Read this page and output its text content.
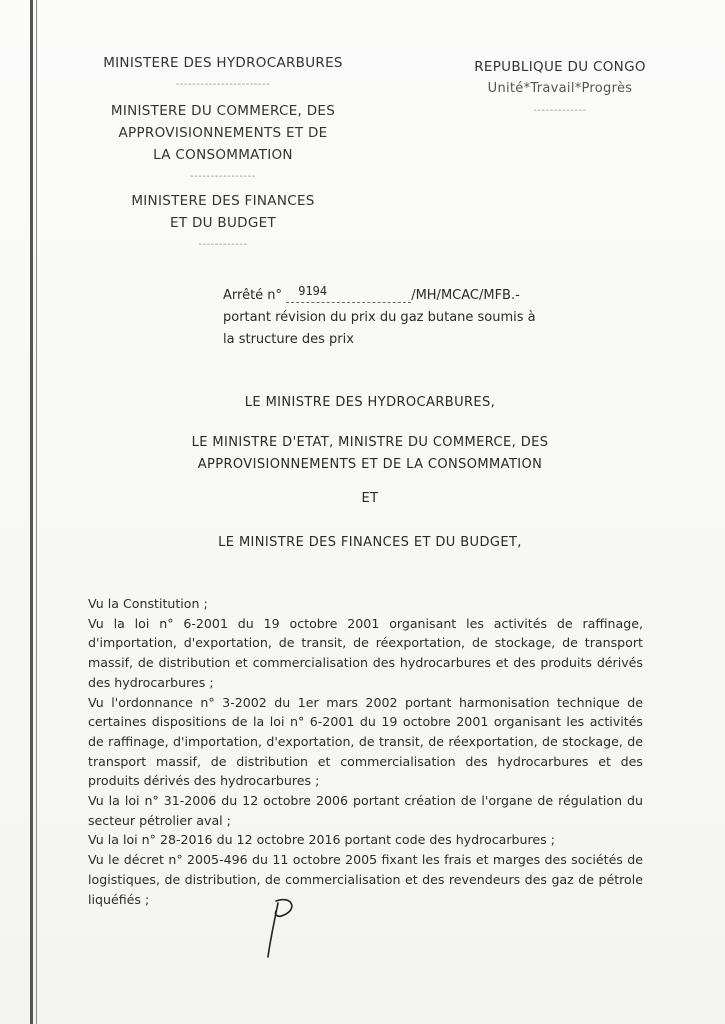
MINISTERE DES HYDROCARBURES
-----------------------
MINISTERE DU COMMERCE, DES
APPROVISIONNEMENTS ET DE
LA CONSOMMATION
----------------
MINISTERE DES FINANCES
ET DU BUDGET
------------
REPUBLIQUE DU CONGO
Unité*Travail*Progrès
-------------
Arrêté n° 9194	/MH/MCAC/MFB.-
portant révision du prix du gaz butane soumis à
la structure des prix
LE MINISTRE DES HYDROCARBURES,
LE MINISTRE D'ETAT, MINISTRE DU COMMERCE, DES
APPROVISIONNEMENTS ET DE LA CONSOMMATION
ET
LE MINISTRE DES FINANCES ET DU BUDGET,

Vu la Constitution ;

Vu la loi n° 6-2001 du 19 octobre 2001 organisant les activités de raffinage, d'importation, d'exportation, de transit, de réexportation, de stockage, de transport massif, de distribution et commercialisation des hydrocarbures et des produits dérivés des hydrocarbures ;

Vu l'ordonnance n° 3-2002 du 1er mars 2002 portant harmonisation technique de certaines dispositions de la loi n° 6-2001 du 19 octobre 2001 organisant les activités de raffinage, d'importation, d'exportation, de transit, de réexportation, de stockage, de transport massif, de distribution et commercialisation des hydrocarbures et des produits dérivés des hydrocarbures ;

Vu la loi n° 31-2006 du 12 octobre 2006 portant création de l'organe de régulation du secteur pétrolier aval ;

Vu la loi n° 28-2016 du 12 octobre 2016 portant code des hydrocarbures ;

Vu le décret n° 2005-496 du 11 octobre 2005 fixant les frais et marges des sociétés de logistiques, de distribution, de commercialisation et des revendeurs des gaz de pétrole liquéfiés ;
